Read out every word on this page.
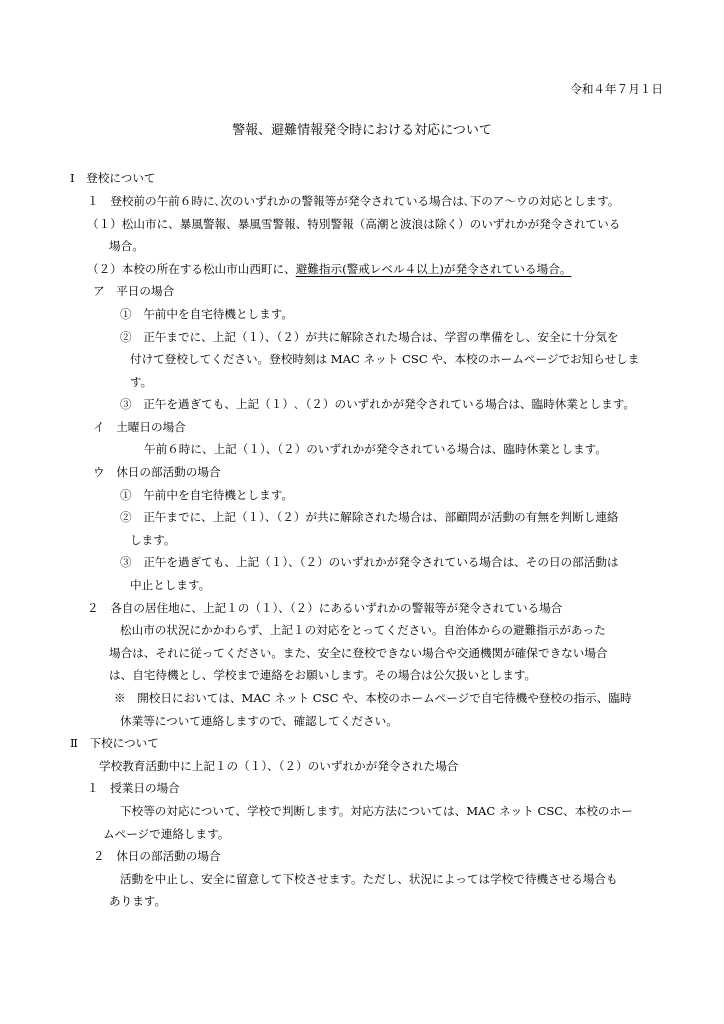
令和４年７月１日

警報、避難情報発令時における対応について

Ⅰ　登校について

１　登校前の午前６時に､次のいずれかの警報等が発令されている場合は､下のア～ウの対応とします。

（１）松山市に、暴風警報、暴風雪警報、特別警報（高潮と波浪は除く）のいずれかが発令されている

場合。

（２）本校の所在する松山市山西町に、避難指示(警戒レベル４以上)が発令されている場合。

ア　平日の場合

①　午前中を自宅待機とします。

②　正午までに、上記（１）、（２）が共に解除された場合は、学習の準備をし、安全に十分気を

付けて登校してください。登校時刻は MAC ネット CSC や、本校のホームページでお知らせしま

す。

③　正午を過ぎても、上記（１）､（２）のいずれかが発令されている場合は、臨時休業とします。

イ　土曜日の場合

午前６時に、上記（１）、（２）のいずれかが発令されている場合は、臨時休業とします。

ウ　休日の部活動の場合

①　午前中を自宅待機とします。

②　正午までに、上記（１）、（２）が共に解除された場合は、部顧問が活動の有無を判断し連絡

します。

③　正午を過ぎても、上記（１）、（２）のいずれかが発令されている場合は、その日の部活動は

中止とします。

２　各自の居住地に、上記１の（１）、（２）にあるいずれかの警報等が発令されている場合

松山市の状況にかかわらず、上記１の対応をとってください。自治体からの避難指示があった

場合は、それに従ってください。また、安全に登校できない場合や交通機関が確保できない場合

は、自宅待機とし、学校まで連絡をお願いします。その場合は公欠扱いとします。

※　開校日においては、MAC ネット CSC や、本校のホームページで自宅待機や登校の指示、臨時

休業等について連絡しますので、確認してください。

Ⅱ　下校について

学校教育活動中に上記１の（１）、（２）のいずれかが発令された場合

１　授業日の場合

下校等の対応について、学校で判断します。対応方法については、MAC ネット CSC、本校のホー

ムページで連絡します。

２　休日の部活動の場合

活動を中止し、安全に留意して下校させます。ただし、状況によっては学校で待機させる場合も

あります。
